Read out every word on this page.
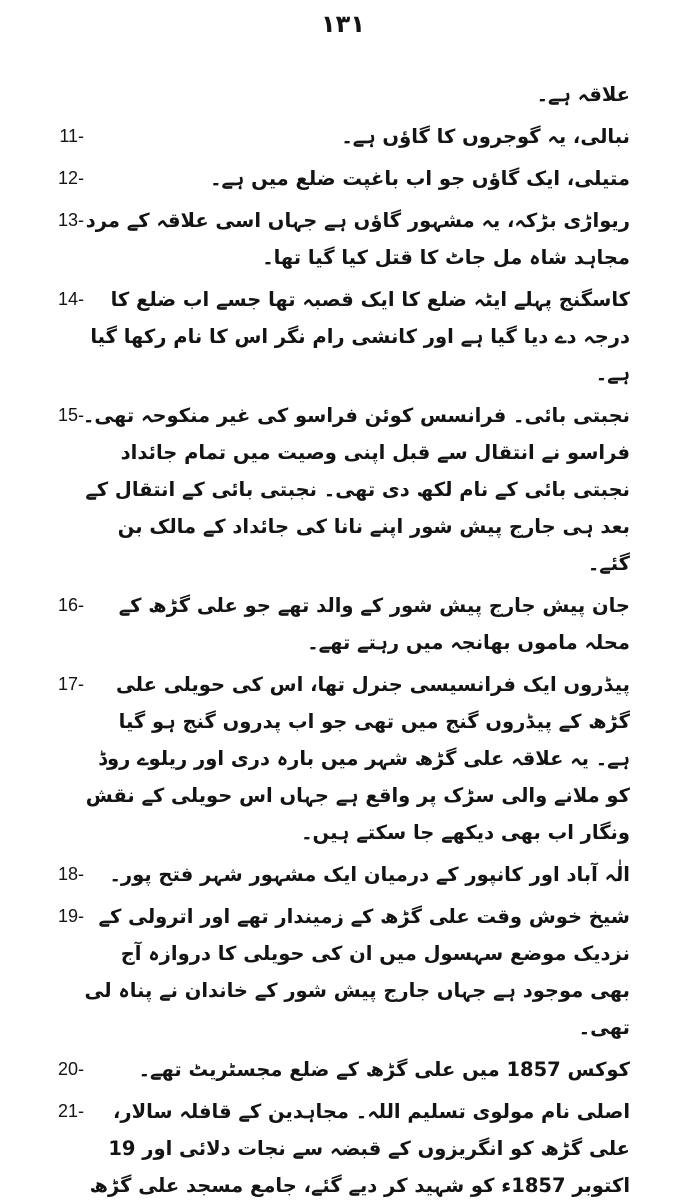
۱۳۱
علاقہ ہے۔
11-	نبالی، یہ گوجروں کا گاؤں ہے۔
12-	متیلی، ایک گاؤں جو اب باغپت ضلع میں ہے۔
13- ریواڑی بڑکہ، یہ مشہور گاؤں ہے جہاں اسی علاقہ کے مرد مجاہد شاہ مل جاٹ کا قتل کیا گیا تھا۔
14-	کاسگنج پہلے ایٹہ ضلع کا ایک قصبہ تھا جسے اب ضلع کا درجہ دے دیا گیا ہے اور کانشی رام نگر اس کا نام رکھا گیا ہے۔
15-
نجبتی بائی۔ فرانسس کوئن فراسو کی غیر منکوحہ تھی۔ فراسو نے انتقال سے قبل اپنی وصیت میں تمام جائداد نجبتی بائی کے نام لکھ دی تھی۔ نجبتی بائی کے انتقال کے بعد ہی جارج پیش شور اپنے نانا کی جائداد کے مالک بن گئے۔
16-	جان پیش جارج پیش شور کے والد تھے جو علی گڑھ کے محلہ ماموں بھانجہ میں رہتے تھے۔
17-	پیڈروں ایک فرانسیسی جنرل تھا، اس کی حویلی علی گڑھ کے پیڈروں گنج میں تھی جو اب پدروں گنج ہو گیا ہے۔ یہ علاقہ علی گڑھ شہر میں بارہ دری اور ریلوے روڈ کو ملانے والی سڑک پر واقع ہے جہاں اس حویلی کے نقش ونگار اب بھی دیکھے جا سکتے ہیں۔
18-	الٰہ آباد اور کانپور کے درمیان ایک مشہور شہر فتح پور۔
19- شیخ خوش وقت علی گڑھ کے زمیندار تھے اور اترولی کے نزدیک موضع سہسول میں ان کی حویلی کا دروازہ آج بھی موجود ہے جہاں جارج پیش شور کے خاندان نے پناہ لی تھی۔
20-	کوکس 1857 میں علی گڑھ کے ضلع مجسٹریٹ تھے۔
21-	اصلی نام مولوی تسلیم اللہ۔ مجاہدین کے قافلہ سالار، علی گڑھ کو انگریزوں کے قبضہ سے نجات دلائی اور 19 اکتوبر 1857ء کو شہید کر دیے گئے، جامع مسجد علی گڑھ
